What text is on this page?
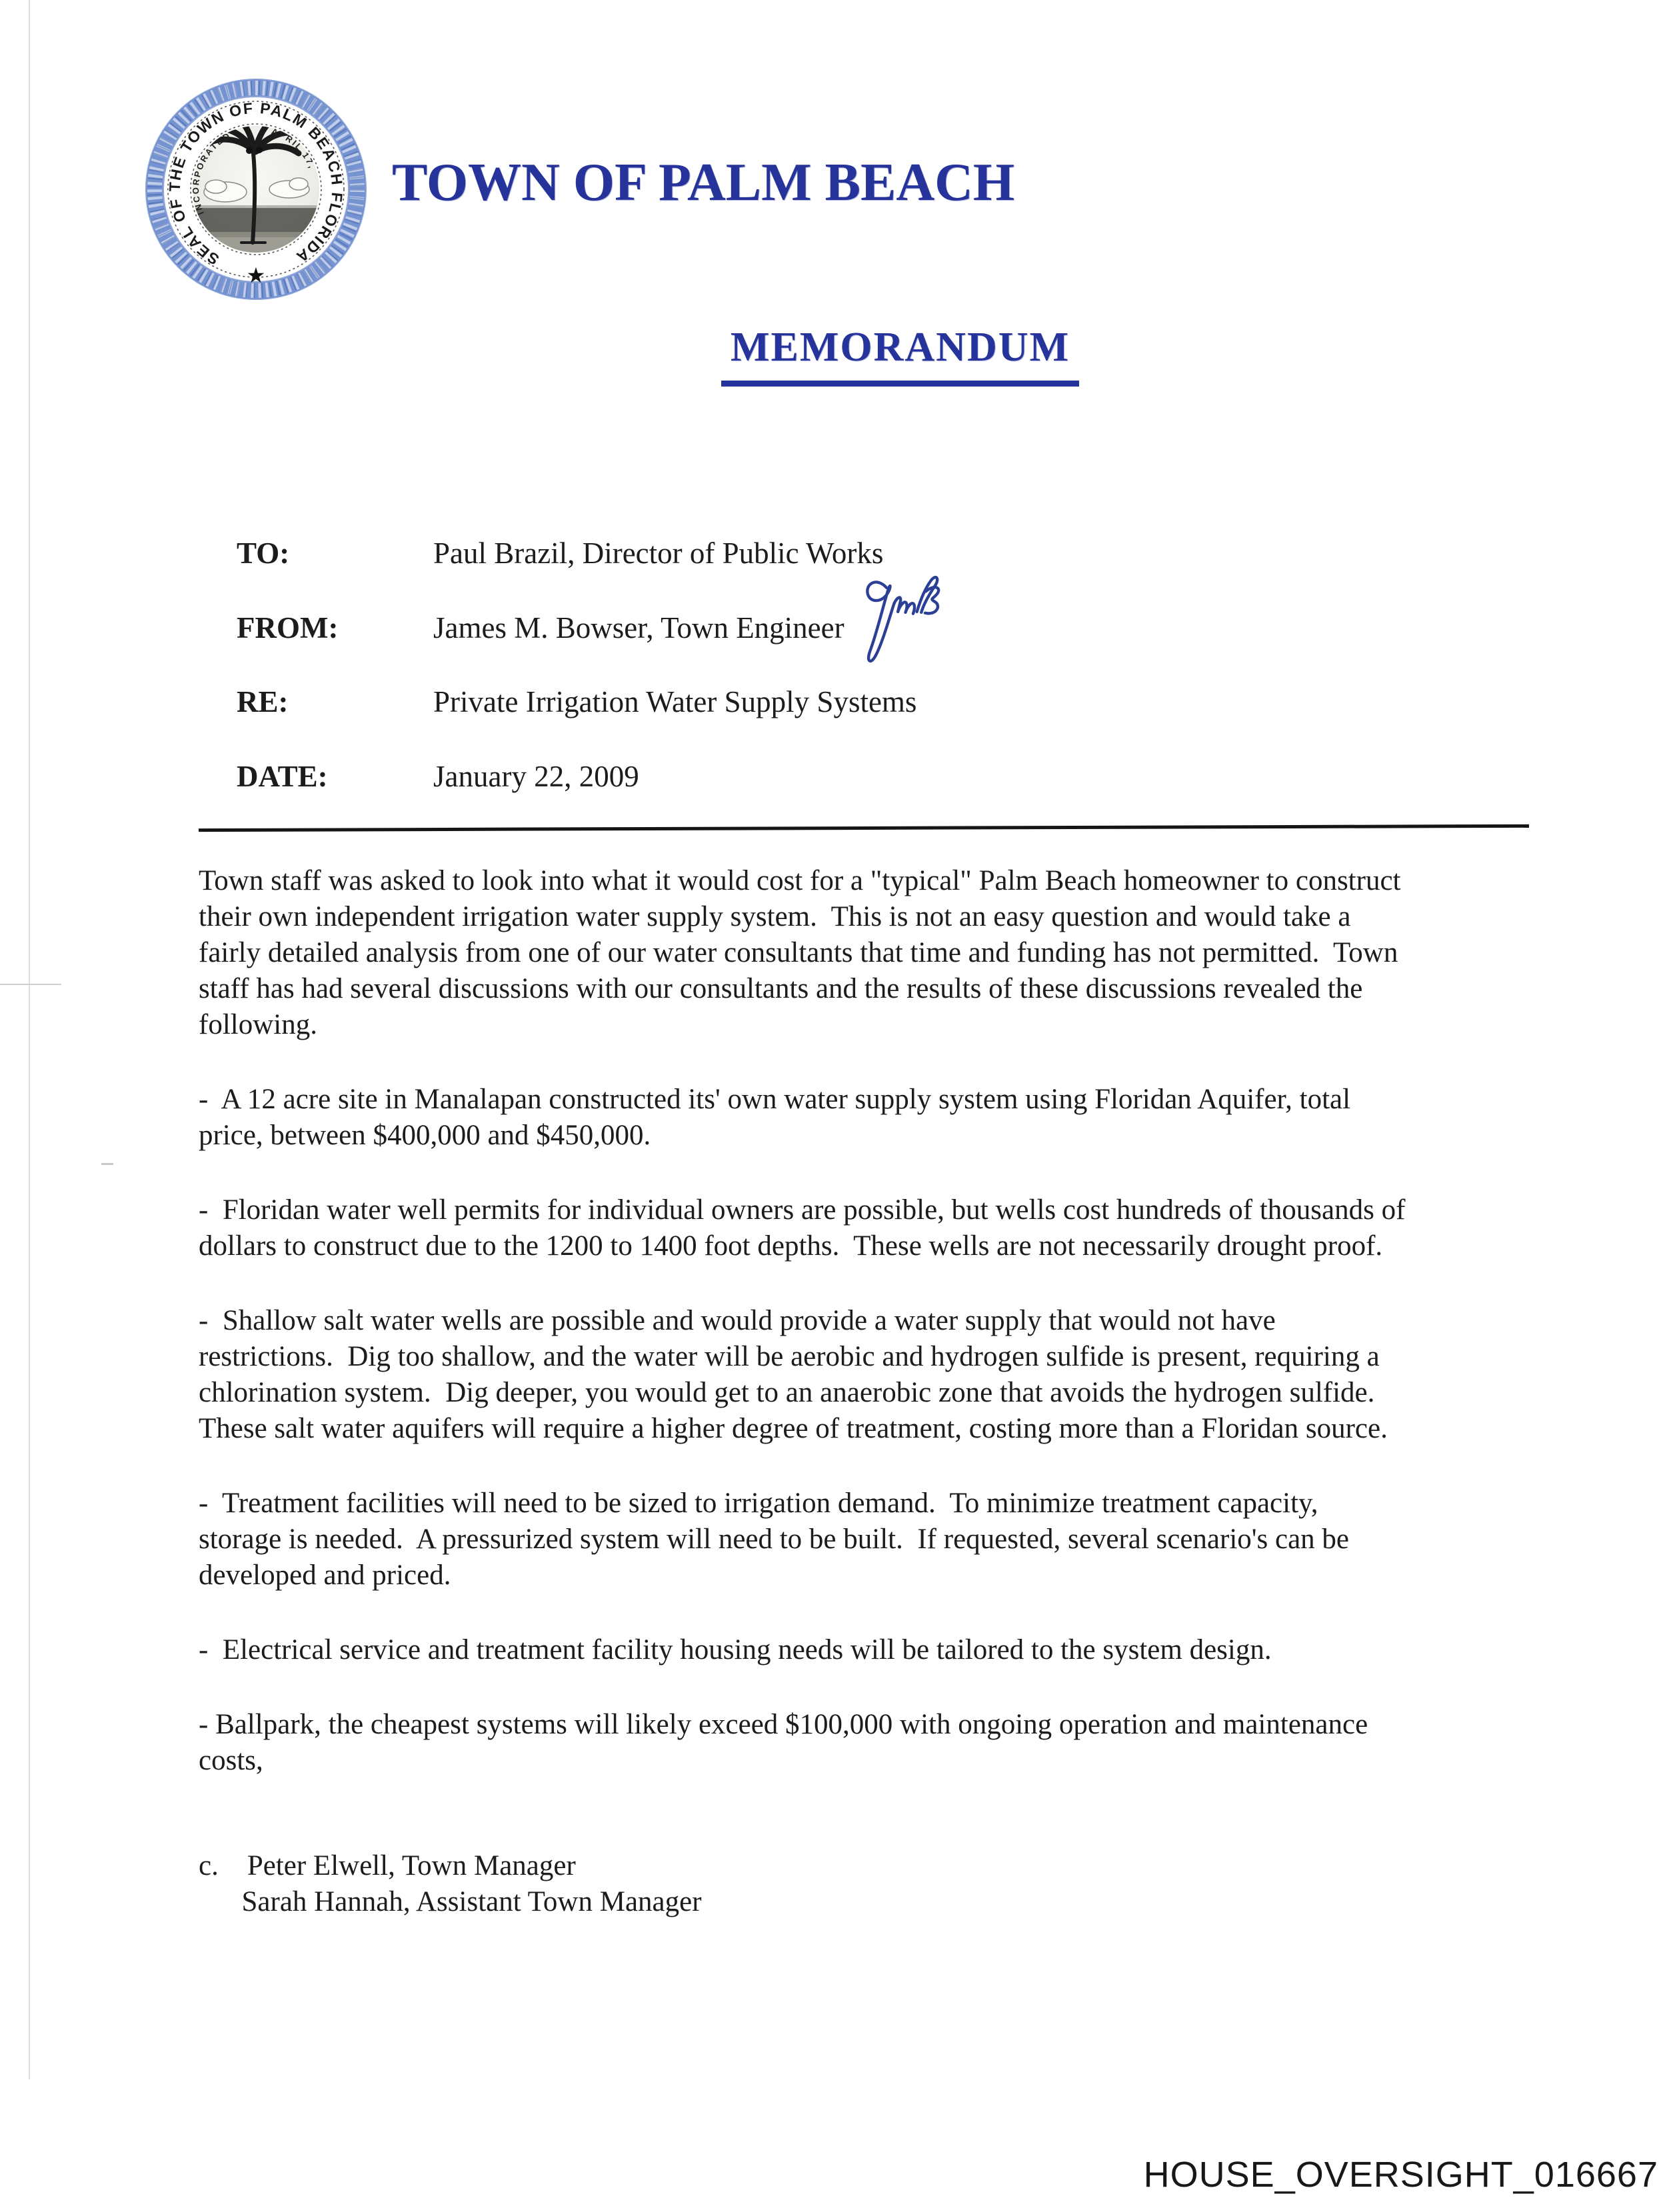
SEAL OF THE TOWN OF PALM BEACH FLORIDA
★
INCORPORATED	APRIL 17, TOWN OF PALM BEACH
MEMORANDUM
TO:	Paul Brazil, Director of Public Works
FROM:	James M. Bowser, Town Engineer
RE:	Private Irrigation Water Supply Systems
DATE:	January 22, 2009

Town staff was asked to look into what it would cost for a "typical" Palm Beach homeowner to construct
their own independent irrigation water supply system.  This is not an easy question and would take a
fairly detailed analysis from one of our water consultants that time and funding has not permitted.  Town
staff has had several discussions with our consultants and the results of these discussions revealed the
following.

-  A 12 acre site in Manalapan constructed its' own water supply system using Floridan Aquifer, total
price, between $400,000 and $450,000.

-  Floridan water well permits for individual owners are possible, but wells cost hundreds of thousands of
dollars to construct due to the 1200 to 1400 foot depths.  These wells are not necessarily drought proof.

-  Shallow salt water wells are possible and would provide a water supply that would not have
restrictions.  Dig too shallow, and the water will be aerobic and hydrogen sulfide is present, requiring a
chlorination system.  Dig deeper, you would get to an anaerobic zone that avoids the hydrogen sulfide.
These salt water aquifers will require a higher degree of treatment, costing more than a Floridan source.

-  Treatment facilities will need to be sized to irrigation demand.  To minimize treatment capacity,
storage is needed.  A pressurized system will need to be built.  If requested, several scenario's can be
developed and priced.

-  Electrical service and treatment facility housing needs will be tailored to the system design.

- Ballpark, the cheapest systems will likely exceed $100,000 with ongoing operation and maintenance
costs,

c.    Peter Elwell, Town Manager
Sarah Hannah, Assistant Town Manager

HOUSE_OVERSIGHT_016667
